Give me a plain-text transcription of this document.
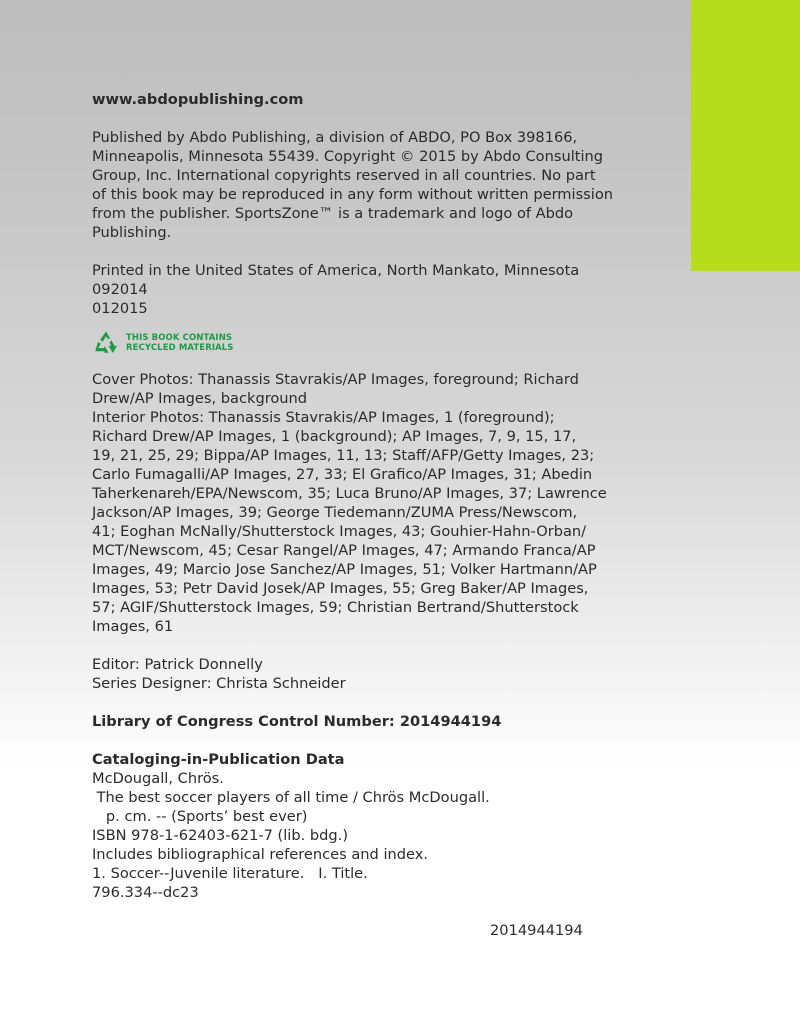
www.abdopublishing.com

Published by Abdo Publishing, a division of ABDO, PO Box 398166,

Minneapolis, Minnesota 55439. Copyright © 2015 by Abdo Consulting

Group, Inc. International copyrights reserved in all countries. No part

of this book may be reproduced in any form without written permission

from the publisher. SportsZone™ is a trademark and logo of Abdo

Publishing.

Printed in the United States of America, North Mankato, Minnesota

092014

012015

THIS BOOK CONTAINS
RECYCLED MATERIALS

Cover Photos: Thanassis Stavrakis/AP Images, foreground; Richard

Drew/AP Images, background

Interior Photos: Thanassis Stavrakis/AP Images, 1 (foreground);

Richard Drew/AP Images, 1 (background); AP Images, 7, 9, 15, 17,

19, 21, 25, 29; Bippa/AP Images, 11, 13; Staff/AFP/Getty Images, 23;

Carlo Fumagalli/AP Images, 27, 33; El Grafico/AP Images, 31; Abedin

Taherkenareh/EPA/Newscom, 35; Luca Bruno/AP Images, 37; Lawrence

Jackson/AP Images, 39; George Tiedemann/ZUMA Press/Newscom,

41; Eoghan McNally/Shutterstock Images, 43; Gouhier-Hahn-Orban/

MCT/Newscom, 45; Cesar Rangel/AP Images, 47; Armando Franca/AP

Images, 49; Marcio Jose Sanchez/AP Images, 51; Volker Hartmann/AP

Images, 53; Petr David Josek/AP Images, 55; Greg Baker/AP Images,

57; AGIF/Shutterstock Images, 59; Christian Bertrand/Shutterstock

Images, 61

Editor: Patrick Donnelly

Series Designer: Christa Schneider

Library of Congress Control Number: 2014944194

Cataloging-in-Publication Data

McDougall, Chrös.

The best soccer players of all time / Chrös McDougall.

p. cm. -- (Sports’ best ever)

ISBN 978-1-62403-621-7 (lib. bdg.)

Includes bibliographical references and index.

1. Soccer--Juvenile literature.   I. Title.

796.334--dc23

2014944194
